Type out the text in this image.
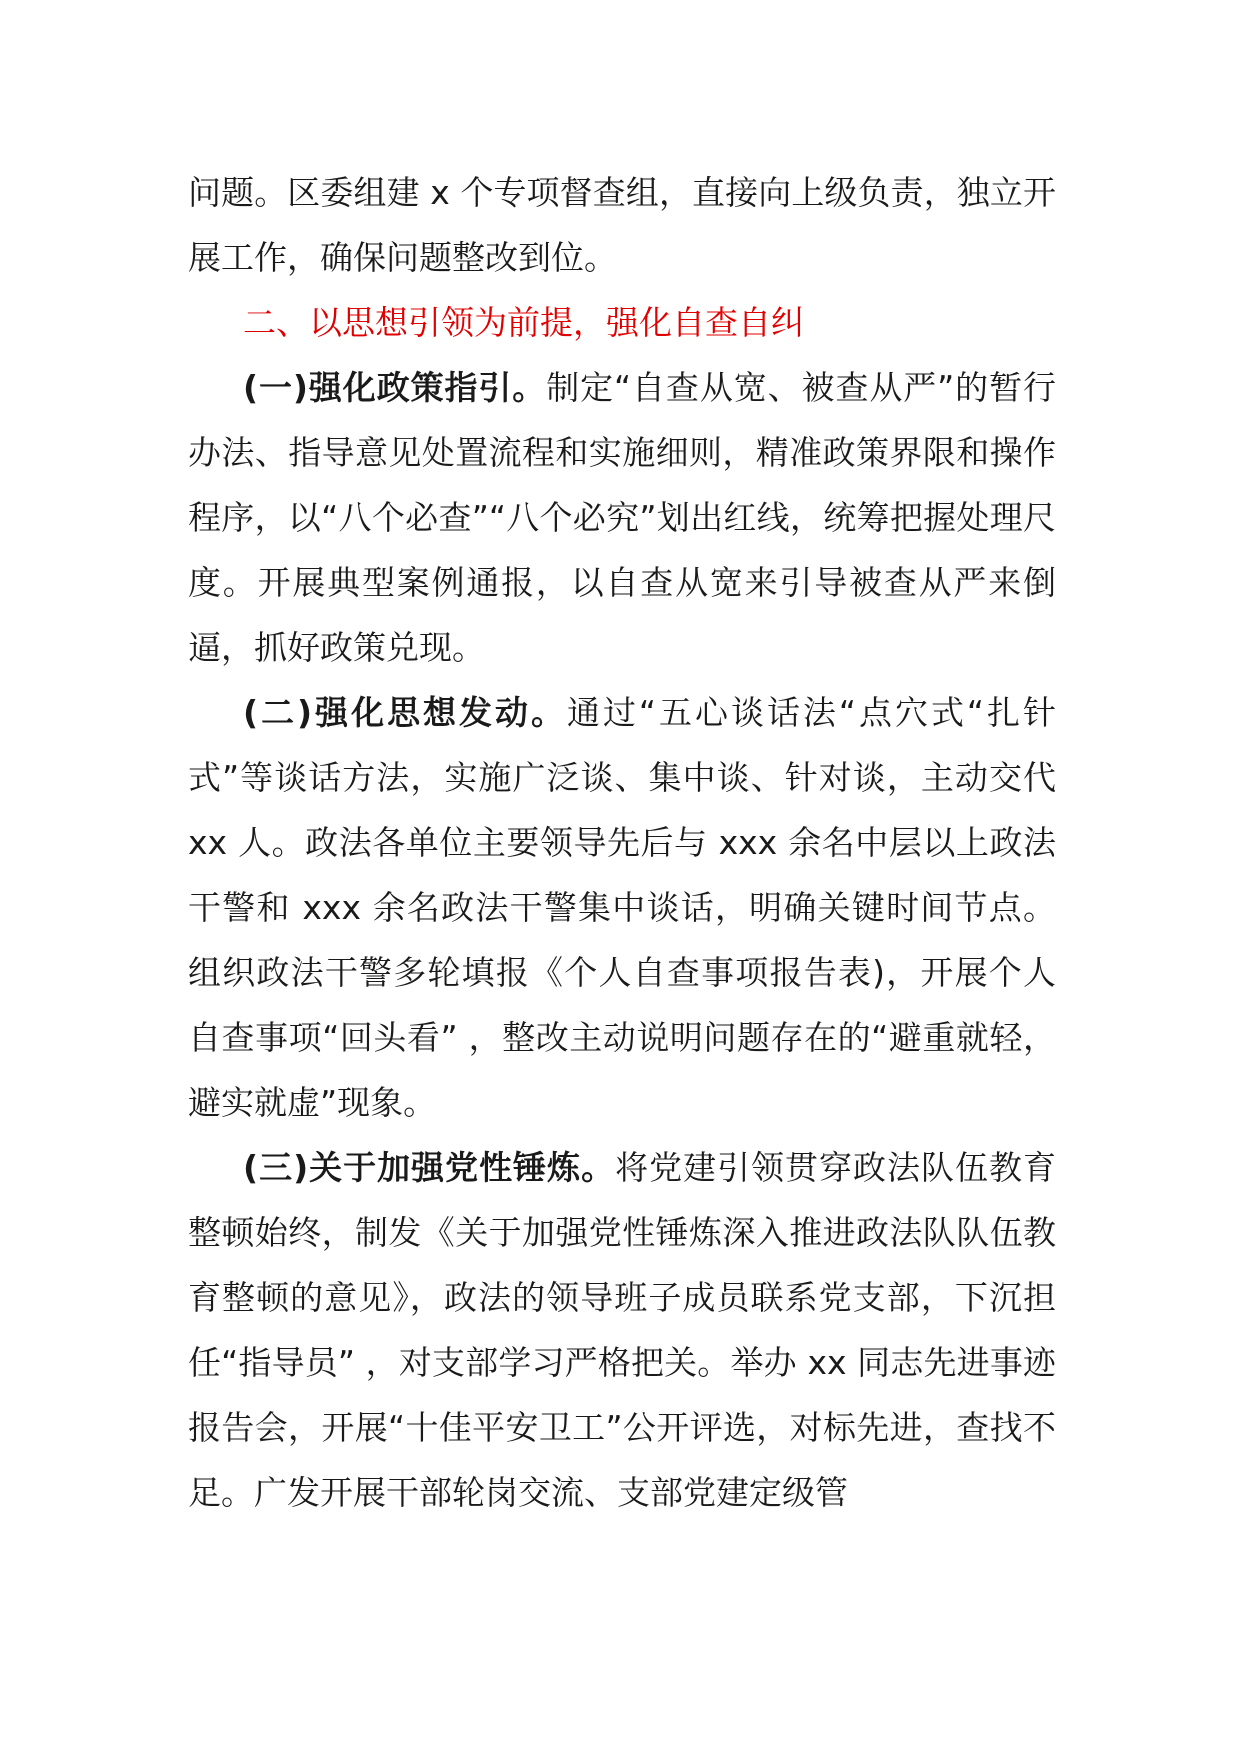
问题。区委组建 x 个专项督查组，直接向上级负责，独立开展工作，确保问题整改到位。

二、以思想引领为前提，强化自查自纠

(一)强化政策指引。制定“自查从宽、被查从严”的暂行办法、指导意见处置流程和实施细则，精准政策界限和操作程序，以“八个必查”“八个必究”划出红线，统筹把握处理尺度。开展典型案例通报，以自查从宽来引导被查从严来倒逼，抓好政策兑现。

(二)强化思想发动。通过“五心谈话法“点穴式“扎针式”等谈话方法，实施广泛谈、集中谈、针对谈，主动交代 xx 人。政法各单位主要领导先后与 xxx 余名中层以上政法干警和 xxx 余名政法干警集中谈话，明确关键时间节点。组织政法干警多轮填报《个人自查事项报告表)，开展个人自查事项“回头看” ，整改主动说明问题存在的“避重就轻，避实就虚”现象。

(三)关于加强党性锤炼。将党建引领贯穿政法队伍教育整顿始终，制发《关于加强党性锤炼深入推进政法队队伍教育整顿的意见》，政法的领导班子成员联系党支部，下沉担任“指导员” ，对支部学习严格把关。举办 xx 同志先进事迹报告会，开展“十佳平安卫工”公开评选，对标先进，查找不足。广发开展干部轮岗交流、支部党建定级管
